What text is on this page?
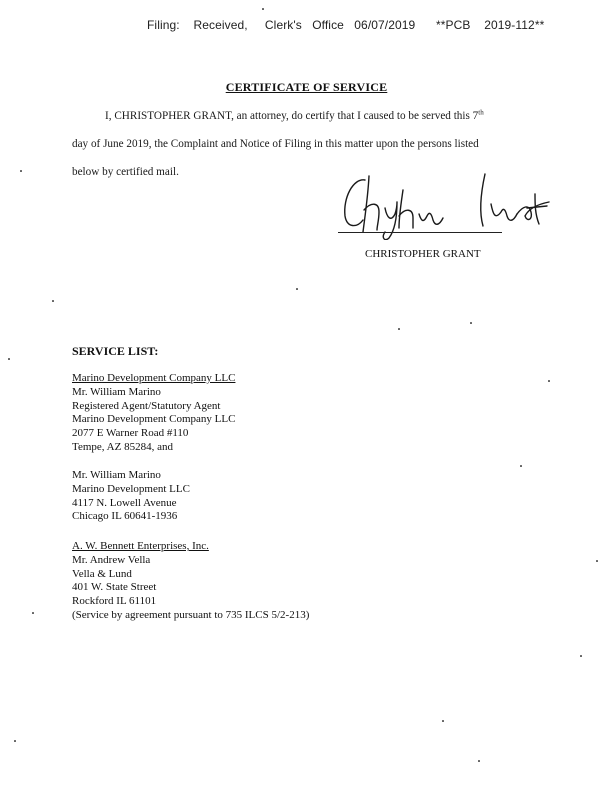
Filing: Received, Clerk's Office 06/07/2019 **PCB 2019-112**
CERTIFICATE OF SERVICE
I, CHRISTOPHER GRANT, an attorney, do certify that I caused to be served this 7th
day of June 2019, the Complaint and Notice of Filing in this matter upon the persons listed
below by certified mail.
CHRISTOPHER GRANT
SERVICE LIST:
Marino Development Company LLC
Mr. William Marino
Registered Agent/Statutory Agent
Marino Development Company LLC
2077 E Warner Road #110
Tempe, AZ 85284, and
Mr. William Marino
Marino Development LLC
4117 N. Lowell Avenue
Chicago IL 60641-1936
A. W. Bennett Enterprises, Inc.
Mr. Andrew Vella
Vella & Lund
401 W. State Street
Rockford IL 61101
(Service by agreement pursuant to 735 ILCS 5/2-213)
